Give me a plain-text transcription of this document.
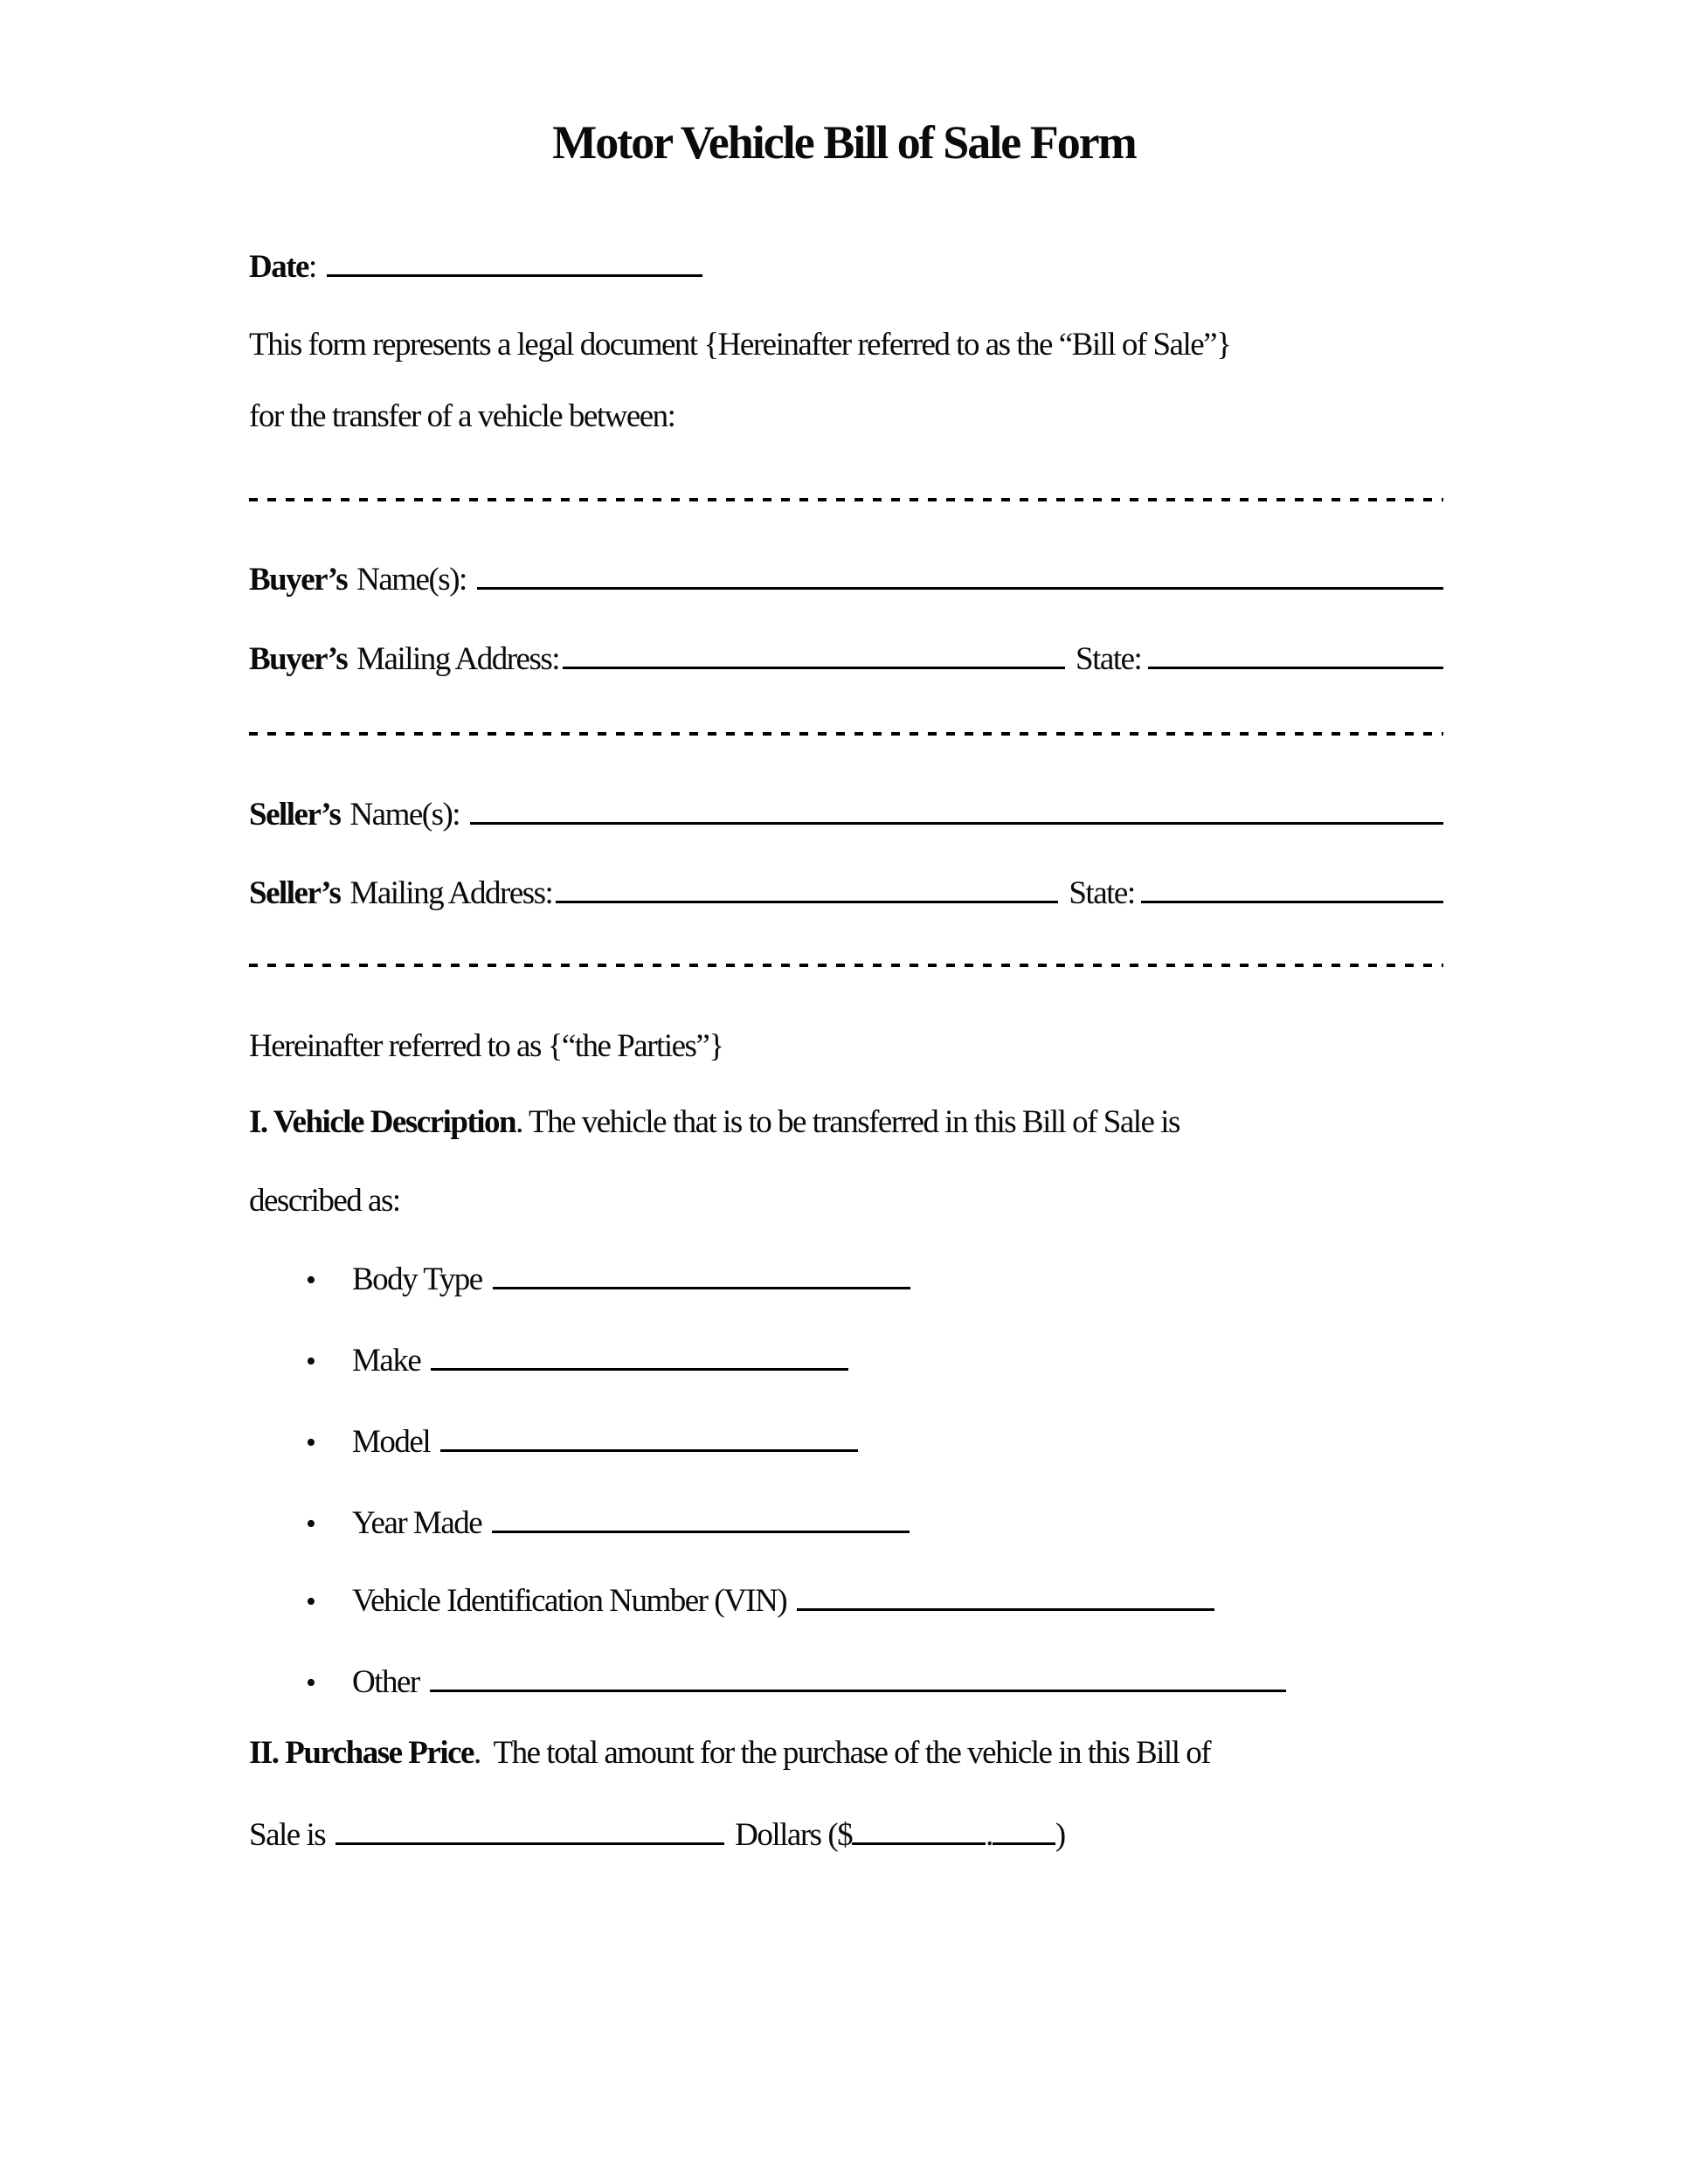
Motor Vehicle Bill of Sale Form
Date :
This form represents a legal document {Hereinafter referred to as the “Bill of Sale”}
for the transfer of a vehicle between:
Buyer’s Name(s):
Buyer’s Mailing Address:	State:
Seller’s Name(s):
Seller’s Mailing Address:	State:
Hereinafter referred to as {“the Parties”}
I. Vehicle Description . The vehicle that is to be transferred in this Bill of Sale is
described as:
•	Body Type
•	Make
•	Model
•	Year Made
•	Vehicle Identification Number (VIN)
•	Other
II. Purchase Price .  The total amount for the purchase of the vehicle in this Bill of
Sale is	Dollars ($	. )
